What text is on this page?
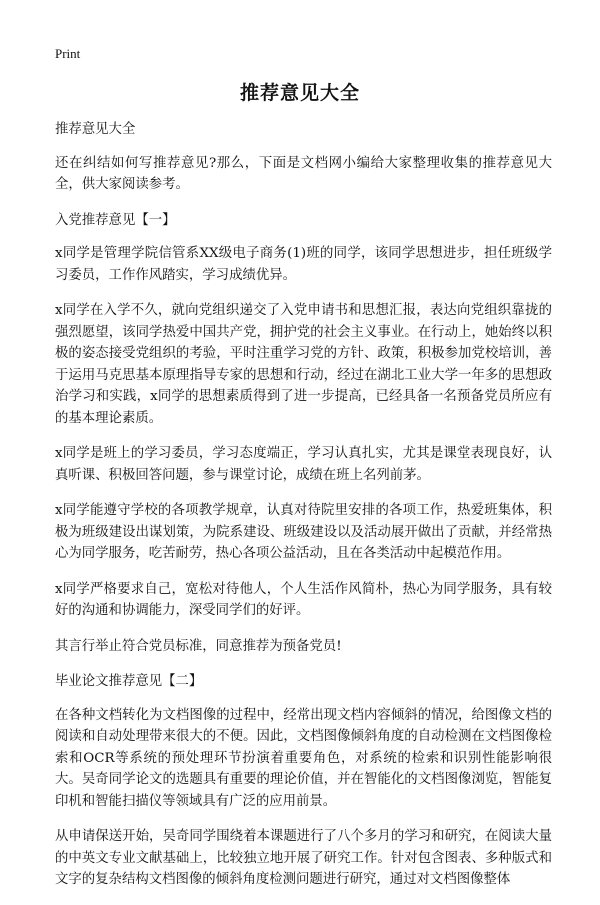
Print
推荐意见大全

推荐意见大全

还在纠结如何写推荐意见?那么，下面是文档网小编给大家整理收集的推荐意见大全，供大家阅读参考。

入党推荐意见【一】

x同学是管理学院信管系XX级电子商务(1)班的同学，该同学思想进步，担任班级学习委员，工作作风踏实，学习成绩优异。

x同学在入学不久，就向党组织递交了入党申请书和思想汇报，表达向党组织靠拢的强烈愿望，该同学热爱中国共产党，拥护党的社会主义事业。在行动上，她始终以积极的姿态接受党组织的考验，平时注重学习党的方针、政策，积极参加党校培训，善于运用马克思基本原理指导专家的思想和行动，经过在湖北工业大学一年多的思想政治学习和实践，x同学的思想素质得到了进一步提高，已经具备一名预备党员所应有的基本理论素质。

x同学是班上的学习委员，学习态度端正，学习认真扎实，尤其是课堂表现良好，认真听课、积极回答问题，参与课堂讨论，成绩在班上名列前茅。

x同学能遵守学校的各项教学规章，认真对待院里安排的各项工作，热爱班集体，积极为班级建设出谋划策，为院系建设、班级建设以及活动展开做出了贡献，并经常热心为同学服务，吃苦耐劳，热心各项公益活动，且在各类活动中起模范作用。

x同学严格要求自己，宽松对待他人，个人生活作风简朴，热心为同学服务，具有较好的沟通和协调能力，深受同学们的好评。

其言行举止符合党员标准，同意推荐为预备党员!

毕业论文推荐意见【二】

在各种文档转化为文档图像的过程中，经常出现文档内容倾斜的情况，给图像文档的阅读和自动处理带来很大的不便。因此，文档图像倾斜角度的自动检测在文档图像检索和OCR等系统的预处理环节扮演着重要角色，对系统的检索和识别性能影响很大。吴奇同学论文的选题具有重要的理论价值，并在智能化的文档图像浏览，智能复印机和智能扫描仪等领域具有广泛的应用前景。

从申请保送开始，吴奇同学围绕着本课题进行了八个多月的学习和研究，在阅读大量的中英文专业文献基础上，比较独立地开展了研究工作。针对包含图表、多种版式和文字的复杂结构文档图像的倾斜角度检测问题进行研究，通过对文档图像整体
